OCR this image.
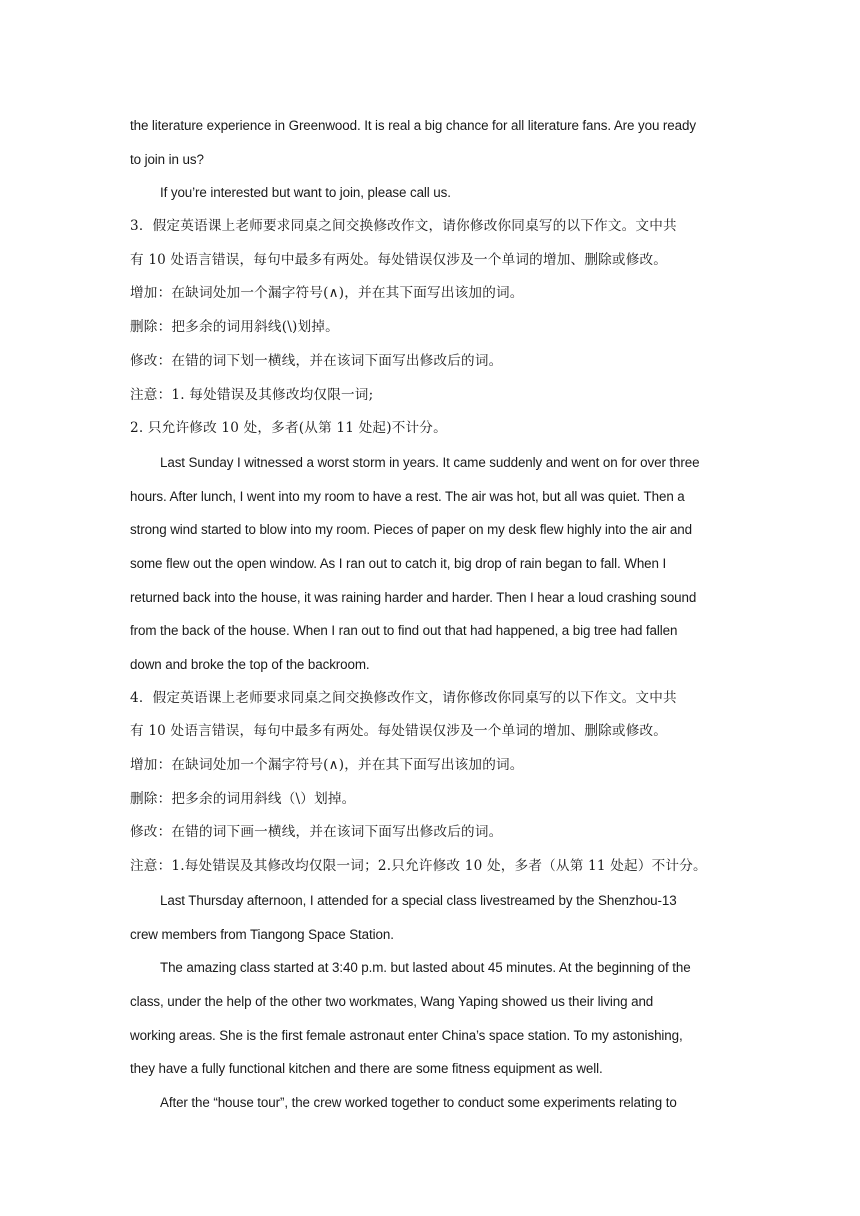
the literature experience in Greenwood. It is real a big chance for all literature fans. Are you ready
to join in us?
If you’re interested but want to join, please call us.
3．假定英语课上老师要求同桌之间交换修改作文，请你修改你同桌写的以下作文。文中共
有 10 处语言错误，每句中最多有两处。每处错误仅涉及一个单词的增加、删除或修改。
增加：在缺词处加一个漏字符号(∧)，并在其下面写出该加的词。
删除：把多余的词用斜线(\)划掉。
修改：在错的词下划一横线，并在该词下面写出修改后的词。
注意：1. 每处错误及其修改均仅限一词;
2. 只允许修改 10 处，多者(从第 11 处起)不计分。
Last Sunday I witnessed a worst storm in years. It came suddenly and went on for over three
hours. After lunch, I went into my room to have a rest. The air was hot, but all was quiet. Then a
strong wind started to blow into my room. Pieces of paper on my desk flew highly into the air and
some flew out the open window. As I ran out to catch it, big drop of rain began to fall. When I
returned back into the house, it was raining harder and harder. Then I hear a loud crashing sound
from the back of the house. When I ran out to find out that had happened, a big tree had fallen
down and broke the top of the backroom.
4．假定英语课上老师要求同桌之间交换修改作文，请你修改你同桌写的以下作文。文中共
有 10 处语言错误，每句中最多有两处。每处错误仅涉及一个单词的增加、删除或修改。
增加：在缺词处加一个漏字符号(∧)，并在其下面写出该加的词。
删除：把多余的词用斜线（\）划掉。
修改：在错的词下画一横线，并在该词下面写出修改后的词。
注意：1.每处错误及其修改均仅限一词；2.只允许修改 10 处，多者（从第 11 处起）不计分。
Last Thursday afternoon, I attended for a special class livestreamed by the Shenzhou-13
crew members from Tiangong Space Station.
The amazing class started at 3:40 p.m. but lasted about 45 minutes. At the beginning of the
class, under the help of the other two workmates, Wang Yaping showed us their living and
working areas. She is the first female astronaut enter China’s space station. To my astonishing,
they have a fully functional kitchen and there are some fitness equipment as well.
After the “house tour”, the crew worked together to conduct some experiments relating to
